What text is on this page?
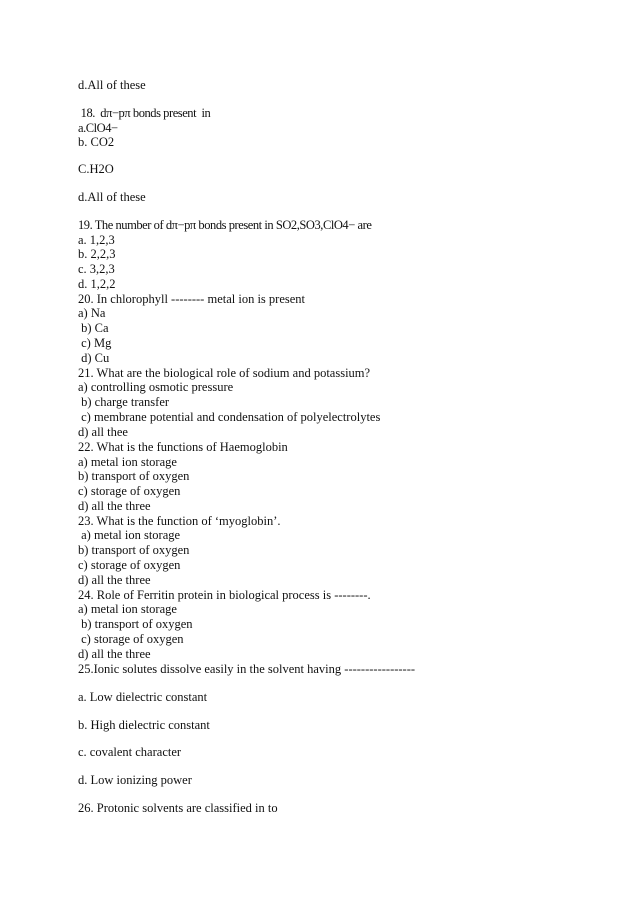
d.All of these
18.  dπ−pπ bonds present  in
a.ClO4−
b. CO2
C.H2O
d.All of these
19. The number of dπ−pπ bonds present in SO2,SO3,ClO4− are
a. 1,2,3
b. 2,2,3
c. 3,2,3
d. 1,2,2
20. In chlorophyll -------- metal ion is present
a) Na
b) Ca
c) Mg
d) Cu
21. What are the biological role of sodium and potassium?
a) controlling osmotic pressure
b) charge transfer
c) membrane potential and condensation of polyelectrolytes
d) all thee
22. What is the functions of Haemoglobin
a) metal ion storage
b) transport of oxygen
c) storage of oxygen
d) all the three
23. What is the function of ‘myoglobin’.
a) metal ion storage
b) transport of oxygen
c) storage of oxygen
d) all the three
24. Role of Ferritin protein in biological process is --------.
a) metal ion storage
b) transport of oxygen
c) storage of oxygen
d) all the three
25.Ionic solutes dissolve easily in the solvent having -----------------
a. Low dielectric constant
b. High dielectric constant
c. covalent character
d. Low ionizing power
26. Protonic solvents are classified in to
